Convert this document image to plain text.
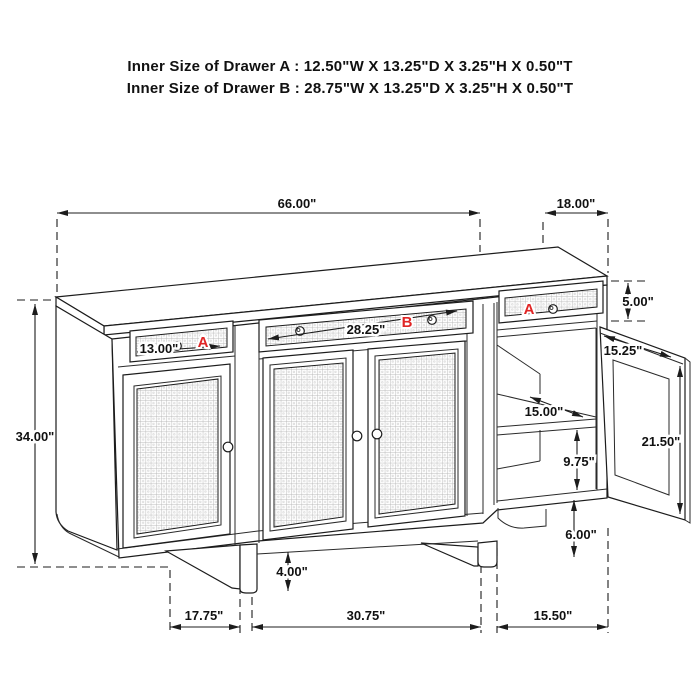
Inner Size of Drawer A : 12.50"W X 13.25"D X 3.25"H X 0.50"T
Inner Size of Drawer B : 28.75"W X 13.25"D X 3.25"H X 0.50"T
66.00"	18.00"
34.00"
5.00"
17.75"	30.75"	15.50"
13.00" A
28.25" B
A
15.00"
9.75"
6.00"
4.00"
15.25"
21.50"
